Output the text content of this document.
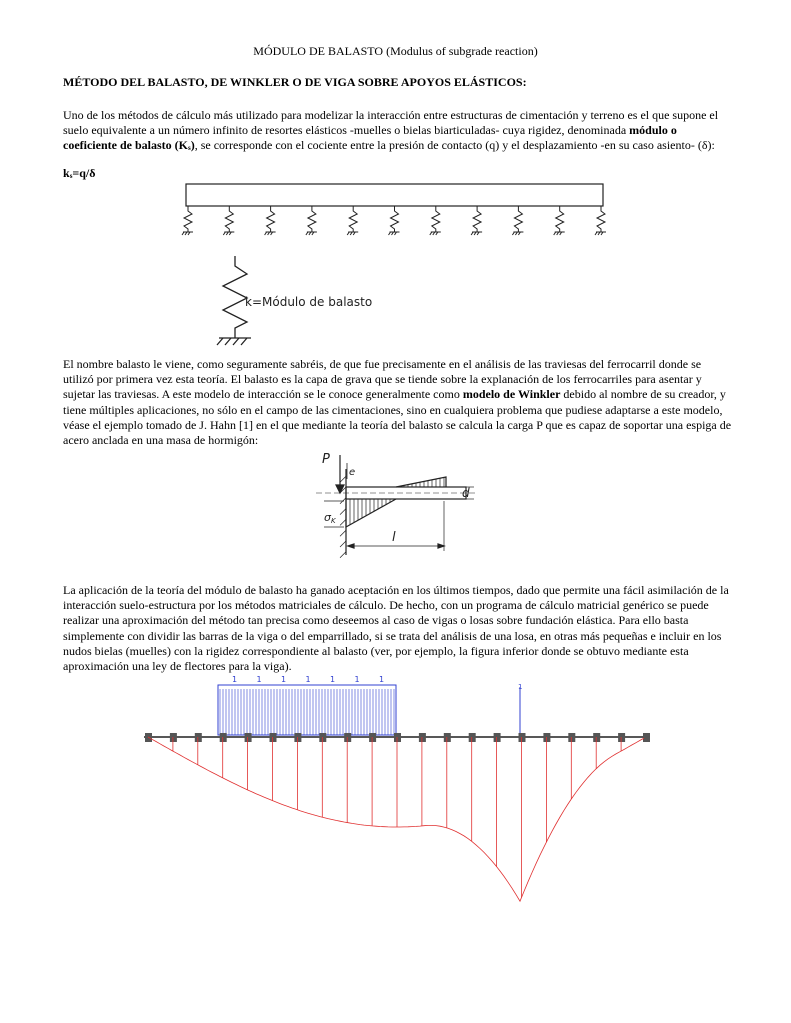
MÓDULO DE BALASTO (Modulus of subgrade reaction)
MÉTODO DEL BALASTO, DE WINKLER O DE VIGA SOBRE APOYOS ELÁSTICOS:

Uno de los métodos de cálculo más utilizado para modelizar la interacción entre estructuras de cimentación y terreno es el que supone el suelo equivalente a un número infinito de resortes elásticos -muelles o bielas biarticuladas- cuya rigidez, denominada módulo o coeficiente de balasto (Ks), se corresponde con el cociente entre la presión de contacto (q) y el desplazamiento -en su caso asiento- (δ):

ks=q/δ
k=Módulo de balasto

El nombre balasto le viene, como seguramente sabréis, de que fue precisamente en el análisis de las traviesas del ferrocarril donde se utilizó por primera vez esta teoría. El balasto es la capa de grava que se tiende sobre la explanación de los ferrocarriles para asentar y sujetar las traviesas. A este modelo de interacción se le conoce generalmente como modelo de Winkler debido al nombre de su creador, y tiene múltiples aplicaciones, no sólo en el campo de las cimentaciones, sino en cualquiera problema que pudiese adaptarse a este modelo, véase el ejemplo tomado de J. Hahn [1] en el que mediante la teoría del balasto se calcula la carga P que es capaz de soportar una espiga de acero anclada en una masa de hormigón:

P
e
d
σK
l

La aplicación de la teoría del módulo de balasto ha ganado aceptación en los últimos tiempos, dado que permite una fácil asimilación de la interacción suelo-estructura por los métodos matriciales de cálculo. De hecho, con un programa de cálculo matricial genérico se puede realizar una aproximación del método tan precisa como deseemos al caso de vigas o losas sobre fundación elástica. Para ello basta simplemente con dividir las barras de la viga o del emparrillado, si se trata del análisis de una losa, en otras más pequeñas e incluir en los nudos bielas (muelles) con la rigidez correspondiente al balasto (ver, por ejemplo, la figura inferior donde se obtuvo mediante esta aproximación una ley de flectores para la viga).

1 1 1 1 1 1 1
1
